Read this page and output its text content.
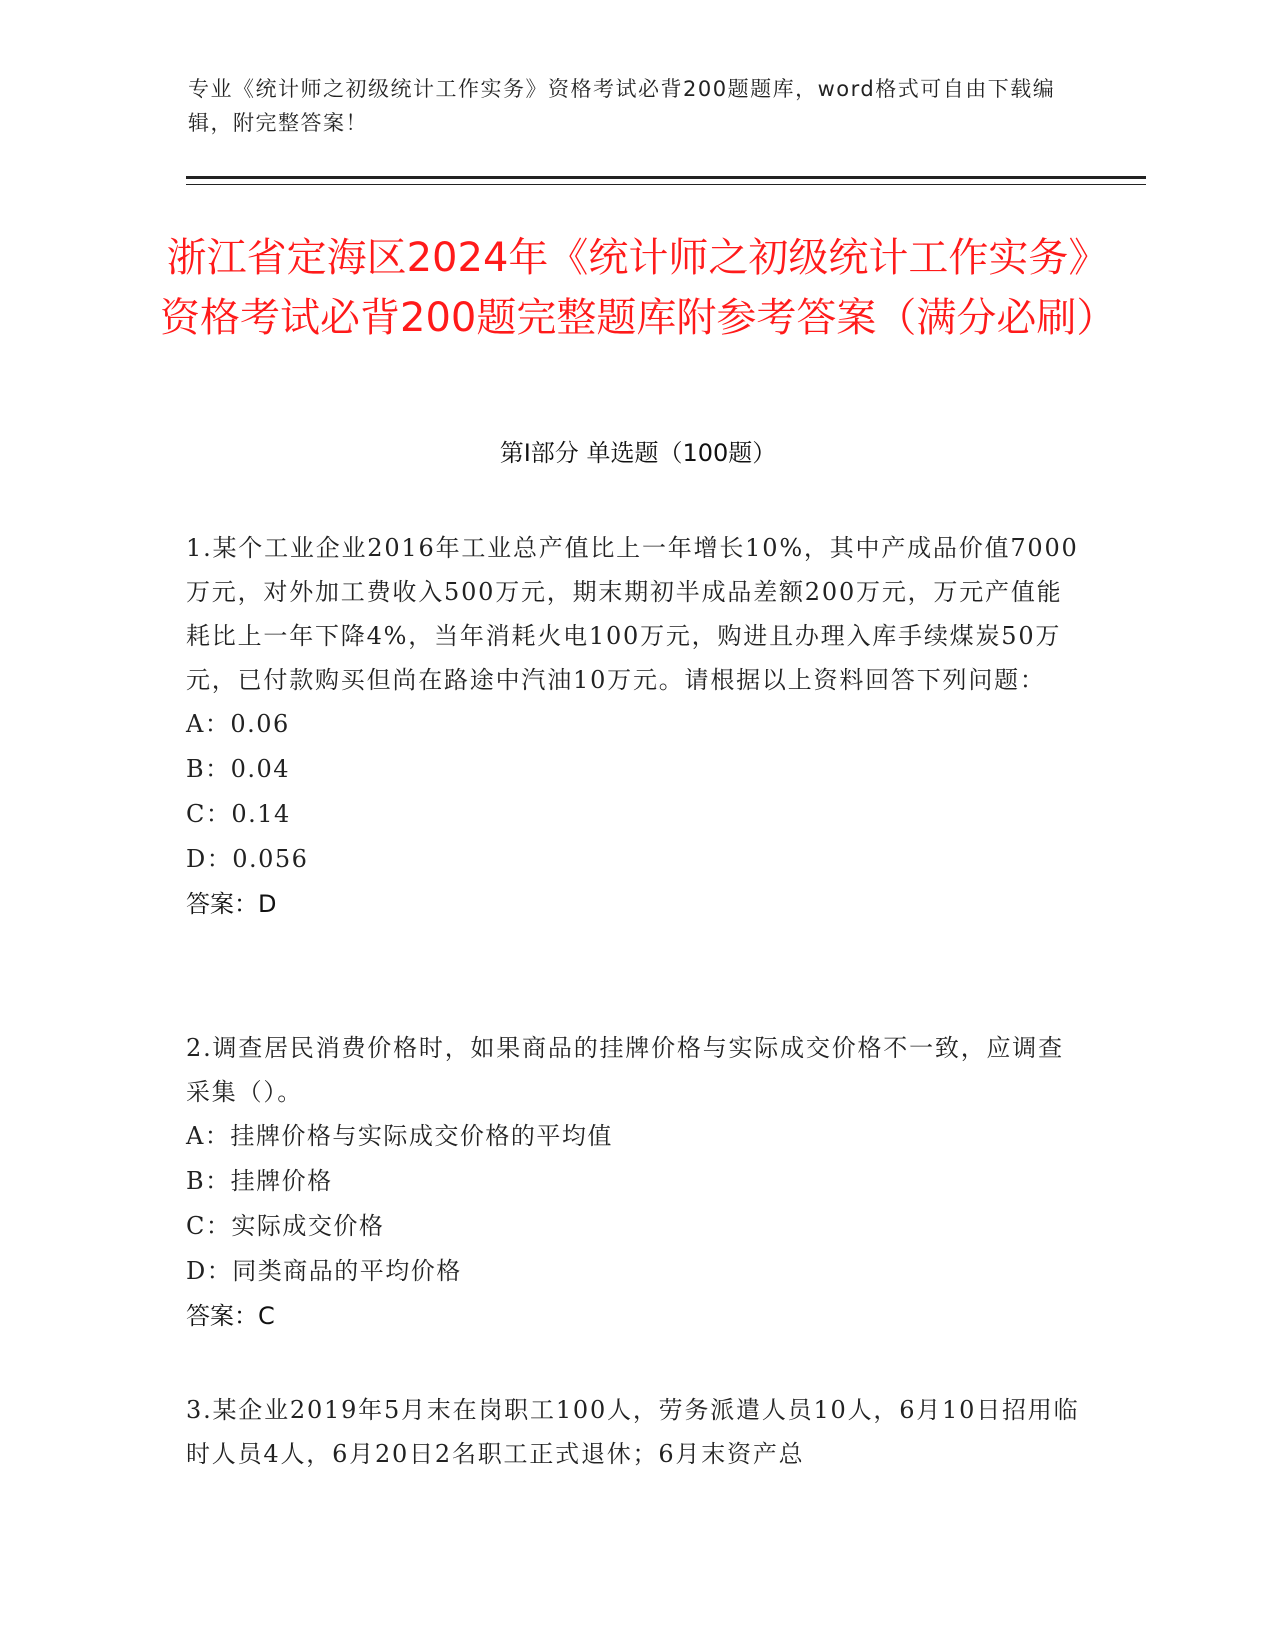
专业《统计师之初级统计工作实务》资格考试必背200题题库，word格式可自由下载编辑，附完整答案！

浙江省定海区2024年《统计师之初级统计工作实务》资格考试必背200题完整题库附参考答案（满分必刷）
第I部分 单选题（100题）

1.某个工业企业2016年工业总产值比上一年增长10%，其中产成品价值7000万元，对外加工费收入500万元，期末期初半成品差额200万元，万元产值能耗比上一年下降4%，当年消耗火电100万元，购进且办理入库手续煤炭50万元，已付款购买但尚在路途中汽油10万元。请根据以上资料回答下列问题：

A：0.06

B：0.04

C：0.14

D：0.056

答案：D

2.调查居民消费价格时，如果商品的挂牌价格与实际成交价格不一致，应调查采集（）。

A：挂牌价格与实际成交价格的平均值

B：挂牌价格

C：实际成交价格

D：同类商品的平均价格

答案：C

3.某企业2019年5月末在岗职工100人，劳务派遣人员10人，6月10日招用临时人员4人，6月20日2名职工正式退休；6月末资产总
